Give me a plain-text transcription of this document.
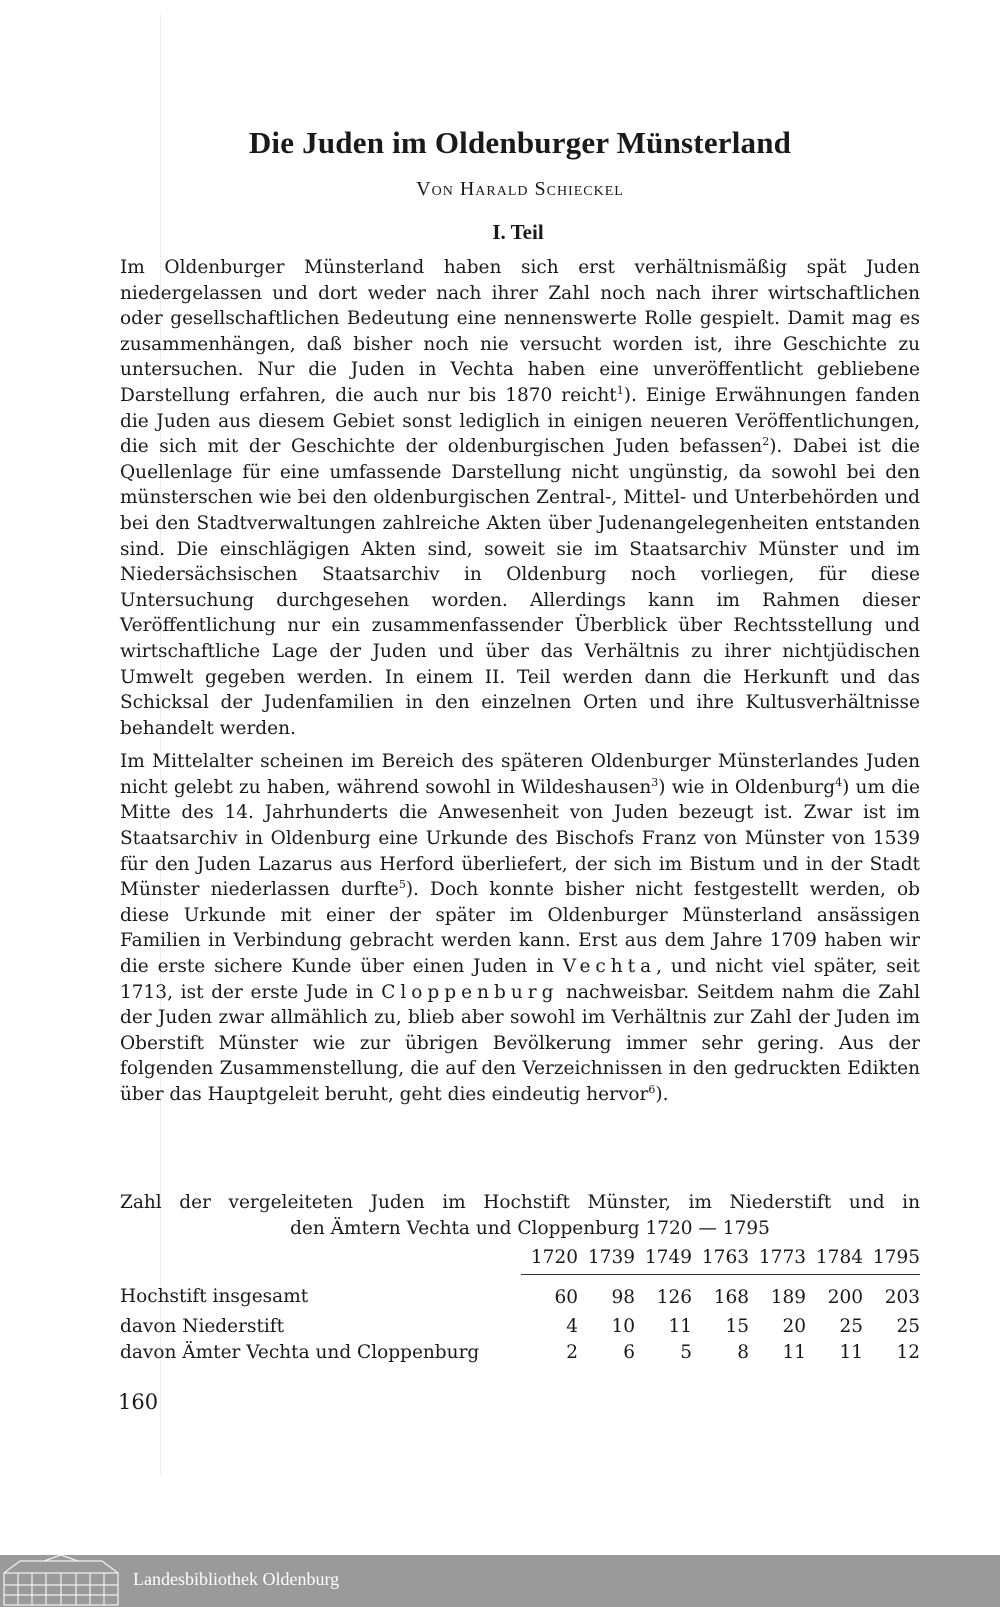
Die Juden im Oldenburger Münsterland
Von Harald Schieckel
I. Teil

Im Oldenburger Münsterland haben sich erst verhältnismäßig spät Juden niedergelassen und dort weder nach ihrer Zahl noch nach ihrer wirtschaftlichen oder gesellschaftlichen Bedeutung eine nennenswerte Rolle gespielt. Damit mag es zusammenhängen, daß bisher noch nie versucht worden ist, ihre Geschichte zu untersuchen. Nur die Juden in Vechta haben eine unveröffentlicht gebliebene Darstellung erfahren, die auch nur bis 1870 reicht$^1$). Einige Erwähnungen fanden die Juden aus diesem Gebiet sonst lediglich in einigen neueren Veröffentlichungen, die sich mit der Geschichte der oldenburgischen Juden befassen$^2$). Dabei ist die Quellenlage für eine umfassende Darstellung nicht ungünstig, da sowohl bei den münsterschen wie bei den oldenburgischen Zentral-, Mittel- und Unterbehörden und bei den Stadtverwaltungen zahlreiche Akten über Judenangelegenheiten entstanden sind. Die einschlägigen Akten sind, soweit sie im Staatsarchiv Münster und im Niedersächsischen Staatsarchiv in Oldenburg noch vorliegen, für diese Untersuchung durchgesehen worden. Allerdings kann im Rahmen dieser Veröffentlichung nur ein zusammenfassender Überblick über Rechtsstellung und wirtschaftliche Lage der Juden und über das Verhältnis zu ihrer nichtjüdischen Umwelt gegeben werden. In einem II. Teil werden dann die Herkunft und das Schicksal der Judenfamilien in den einzelnen Orten und ihre Kultusverhältnisse behandelt werden.

Im Mittelalter scheinen im Bereich des späteren Oldenburger Münsterlandes Juden nicht gelebt zu haben, während sowohl in Wildeshausen$^3$) wie in Oldenburg$^4$) um die Mitte des 14. Jahrhunderts die Anwesenheit von Juden bezeugt ist. Zwar ist im Staatsarchiv in Oldenburg eine Urkunde des Bischofs Franz von Münster von 1539 für den Juden Lazarus aus Herford überliefert, der sich im Bistum und in der Stadt Münster niederlassen durfte$^5$). Doch konnte bisher nicht festgestellt werden, ob diese Urkunde mit einer der später im Oldenburger Münsterland ansässigen Familien in Verbindung gebracht werden kann. Erst aus dem Jahre 1709 haben wir die erste sichere Kunde über einen Juden in Vechta, und nicht viel später, seit 1713, ist der erste Jude in Cloppenburg nachweisbar. Seitdem nahm die Zahl der Juden zwar allmählich zu, blieb aber sowohl im Verhältnis zur Zahl der Juden im Oberstift Münster wie zur übrigen Bevölkerung immer sehr gering. Aus der folgenden Zusammenstellung, die auf den Verzeichnissen in den gedruckten Edikten über das Hauptgeleit beruht, geht dies eindeutig hervor$^6$).

Zahl der vergeleiteten Juden im Hochstift Münster, im Niederstift und in
den Ämtern Vechta und Cloppenburg 1720 — 1795
	1720	1739	1749	1763	1773	1784	1795
Hochstift insgesamt	60	98	126	168	189	200	203
davon Niederstift	4	10	11	15	20	25	25
davon Ämter Vechta und Cloppenburg	2	6	5	8	11	11	12
160
Landesbibliothek Oldenburg
